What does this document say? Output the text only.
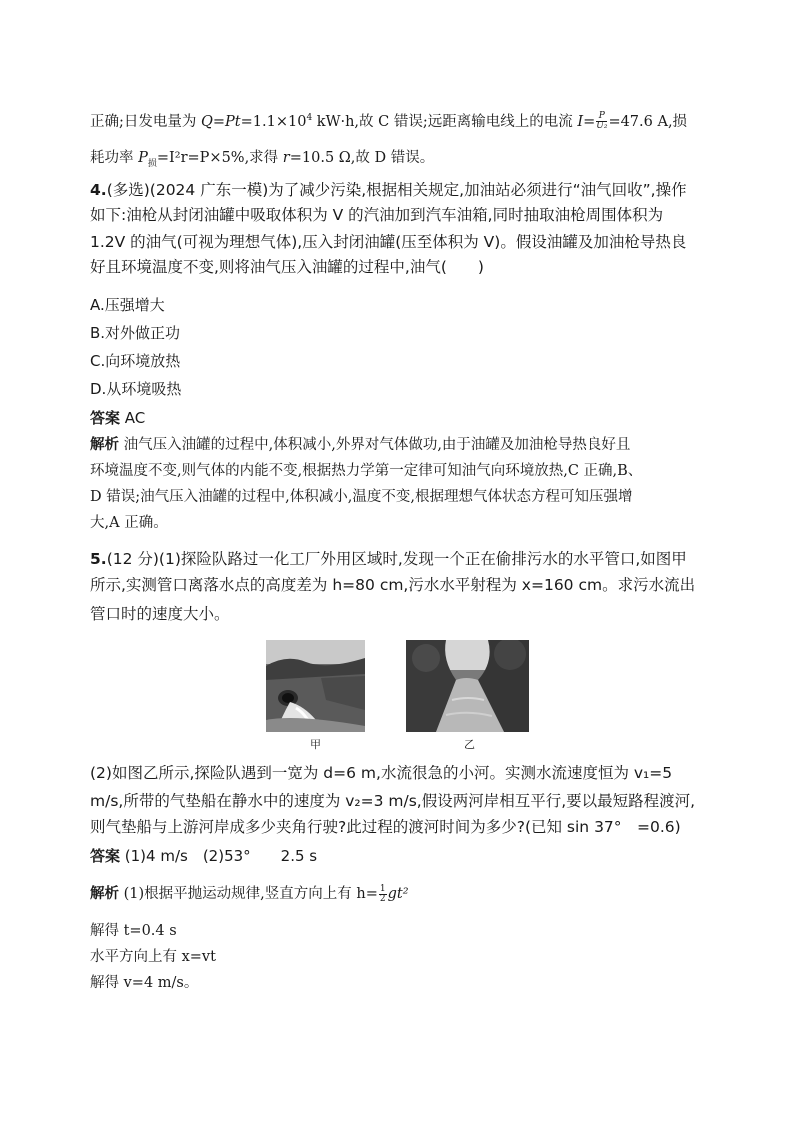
正确;日发电量为 $Q=Pt=1.1\times 10^4$ kW·h,故 C 错误;远距离输电线上的电流 $I= \frac{P}{\text{U₂}} =47.6$ A,损
耗功率 $P_损=I^2r=P\times 5\%$,求得 r=10.5 Ω,故 D 错误。
4.(多选)(2024 广东一模)为了减少污染,根据相关规定,加油站必须进行“油气回收”,操作
如下:油枪从封闭油罐中吸取体积为 V 的汽油加到汽车油箱,同时抽取油枪周围体积为
1.2V 的油气(可视为理想气体),压入封闭油罐(压至体积为 V)。假设油罐及加油枪导热良
好且环境温度不变,则将油气压入油罐的过程中,油气(　　)
A.压强增大
B.对外做正功
C.向环境放热
D.从环境吸热
答案 AC
解析 油气压入油罐的过程中,体积减小,外界对气体做功,由于油罐及加油枪导热良好且
环境温度不变,则气体的内能不变,根据热力学第一定律可知油气向环境放热,C 正确,B、
D 错误;油气压入油罐的过程中,体积减小,温度不变,根据理想气体状态方程可知压强增
大,A 正确。
5.(12 分)(1)探险队路过一化工厂外用区域时,发现一个正在偷排污水的水平管口,如图甲
所示,实测管口离落水点的高度差为 h=80 cm,污水水平射程为 x=160 cm。求污水流出
管口时的速度大小。
甲	乙
(2)如图乙所示,探险队遇到一宽为 d=6 m,水流很急的小河。实测水流速度恒为 v₁=5
m/s,所带的气垫船在静水中的速度为 v₂=3 m/s,假设两河岸相互平行,要以最短路程渡河,
则气垫船与上游河岸成多少夹角行驶?此过程的渡河时间为多少?(已知 sin 37°　=0.6)
答案 (1)4 m/s　(2)53°　　2.5 s
解析 (1)根据平抛运动规律,竖直方向上有 $h= \frac{1}{2} gt^2$
解得 t=0.4 s
水平方向上有 x=vt
解得 v=4 m/s。
